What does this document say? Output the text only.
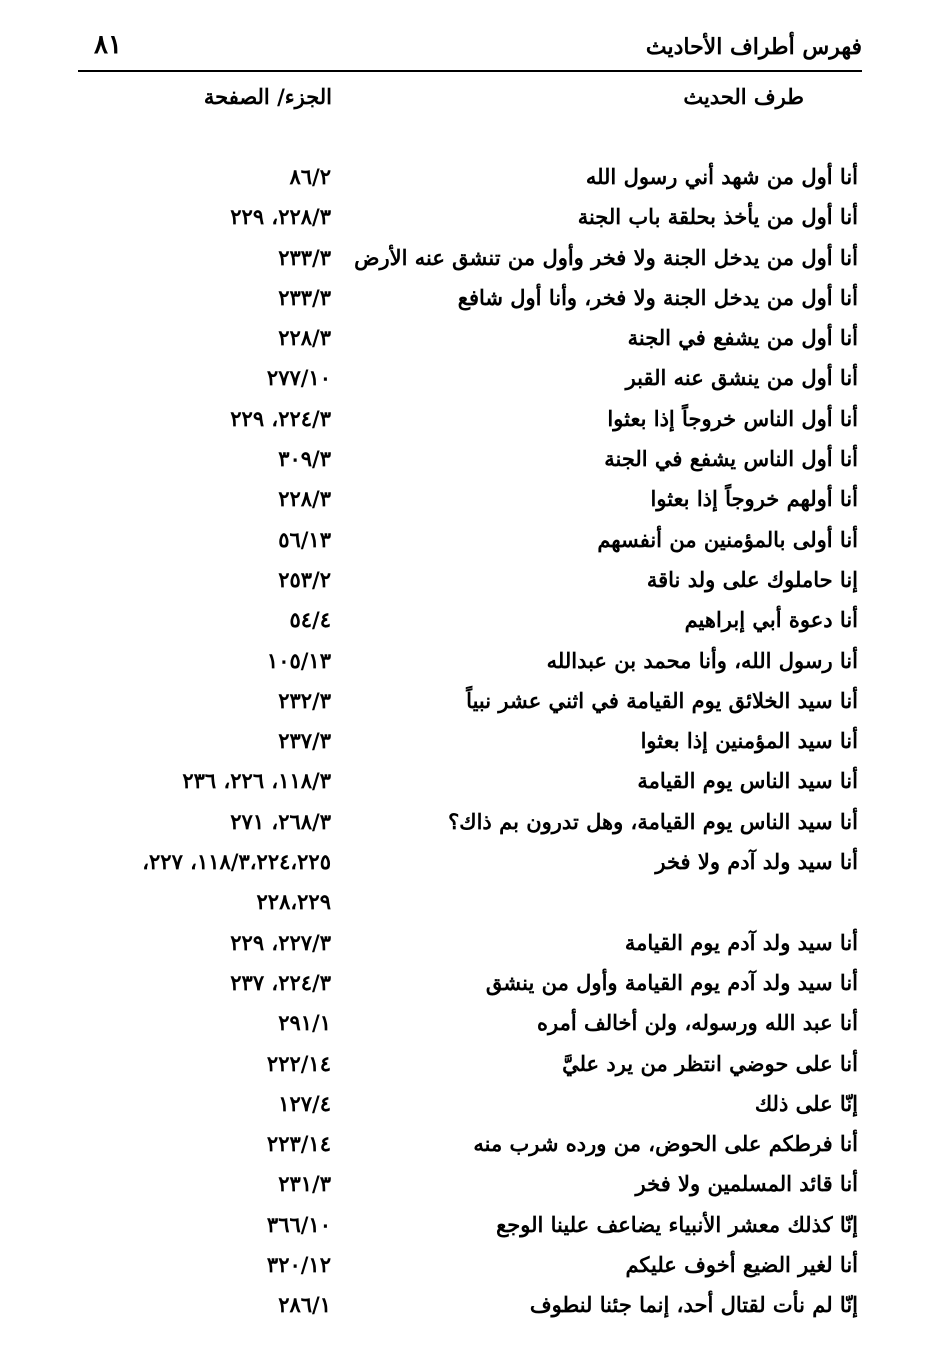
فهرس أطراف الأحاديث
٨١
طرف الحديث
الجزء/ الصفحة
أنا أول من شهد أني رسول الله
٨٦/٢
أنا أول من يأخذ بحلقة باب الجنة
٢٢٨/٣، ٢٢٩
أنا أول من يدخل الجنة ولا فخر وأول من تنشق عنه الأرض
٢٣٣/٣
أنا أول من يدخل الجنة ولا فخر، وأنا أول شافع
٢٣٣/٣
أنا أول من يشفع في الجنة
٢٢٨/٣
أنا أول من ينشق عنه القبر
٢٧٧/١٠
أنا أول الناس خروجاً إذا بعثوا
٢٢٤/٣، ٢٢٩
أنا أول الناس يشفع في الجنة
٣٠٩/٣
أنا أولهم خروجاً إذا بعثوا
٢٢٨/٣
أنا أولى بالمؤمنين من أنفسهم
٥٦/١٣
إنا حاملوك على ولد ناقة
٢٥٣/٢
أنا دعوة أبي إبراهيم
٥٤/٤
أنا رسول الله، وأنا محمد بن عبدالله
١٠٥/١٣
أنا سيد الخلائق يوم القيامة في اثني عشر نبياً
٢٣٢/٣
أنا سيد المؤمنين إذا بعثوا
٢٣٧/٣
أنا سيد الناس يوم القيامة
١١٨/٣، ٢٢٦، ٢٣٦
أنا سيد الناس يوم القيامة، وهل تدرون بم ذاك؟
٢٦٨/٣، ٢٧١
أنا سيد ولد آدم ولا فخر
١١٨/٣،٢٢٤،٢٢٥، ٢٢٧،
٢٢٨،٢٢٩
أنا سيد ولد آدم يوم القيامة
٢٢٧/٣، ٢٢٩
أنا سيد ولد آدم يوم القيامة وأول من ينشق
٢٢٤/٣، ٢٣٧
أنا عبد الله ورسوله، ولن أخالف أمره
٢٩١/١
أنا على حوضي انتظر من يرد عليَّ
٢٢٢/١٤
إنّا على ذلك
١٢٧/٤
أنا فرطكم على الحوض، من ورده شرب منه
٢٢٣/١٤
أنا قائد المسلمين ولا فخر
٢٣١/٣
إنّا كذلك معشر الأنبياء يضاعف علينا الوجع
٣٦٦/١٠
أنا لغير الضيع أخوف عليكم
٣٢٠/١٢
إنّا لم نأت لقتال أحد، إنما جئنا لنطوف
٢٨٦/١
